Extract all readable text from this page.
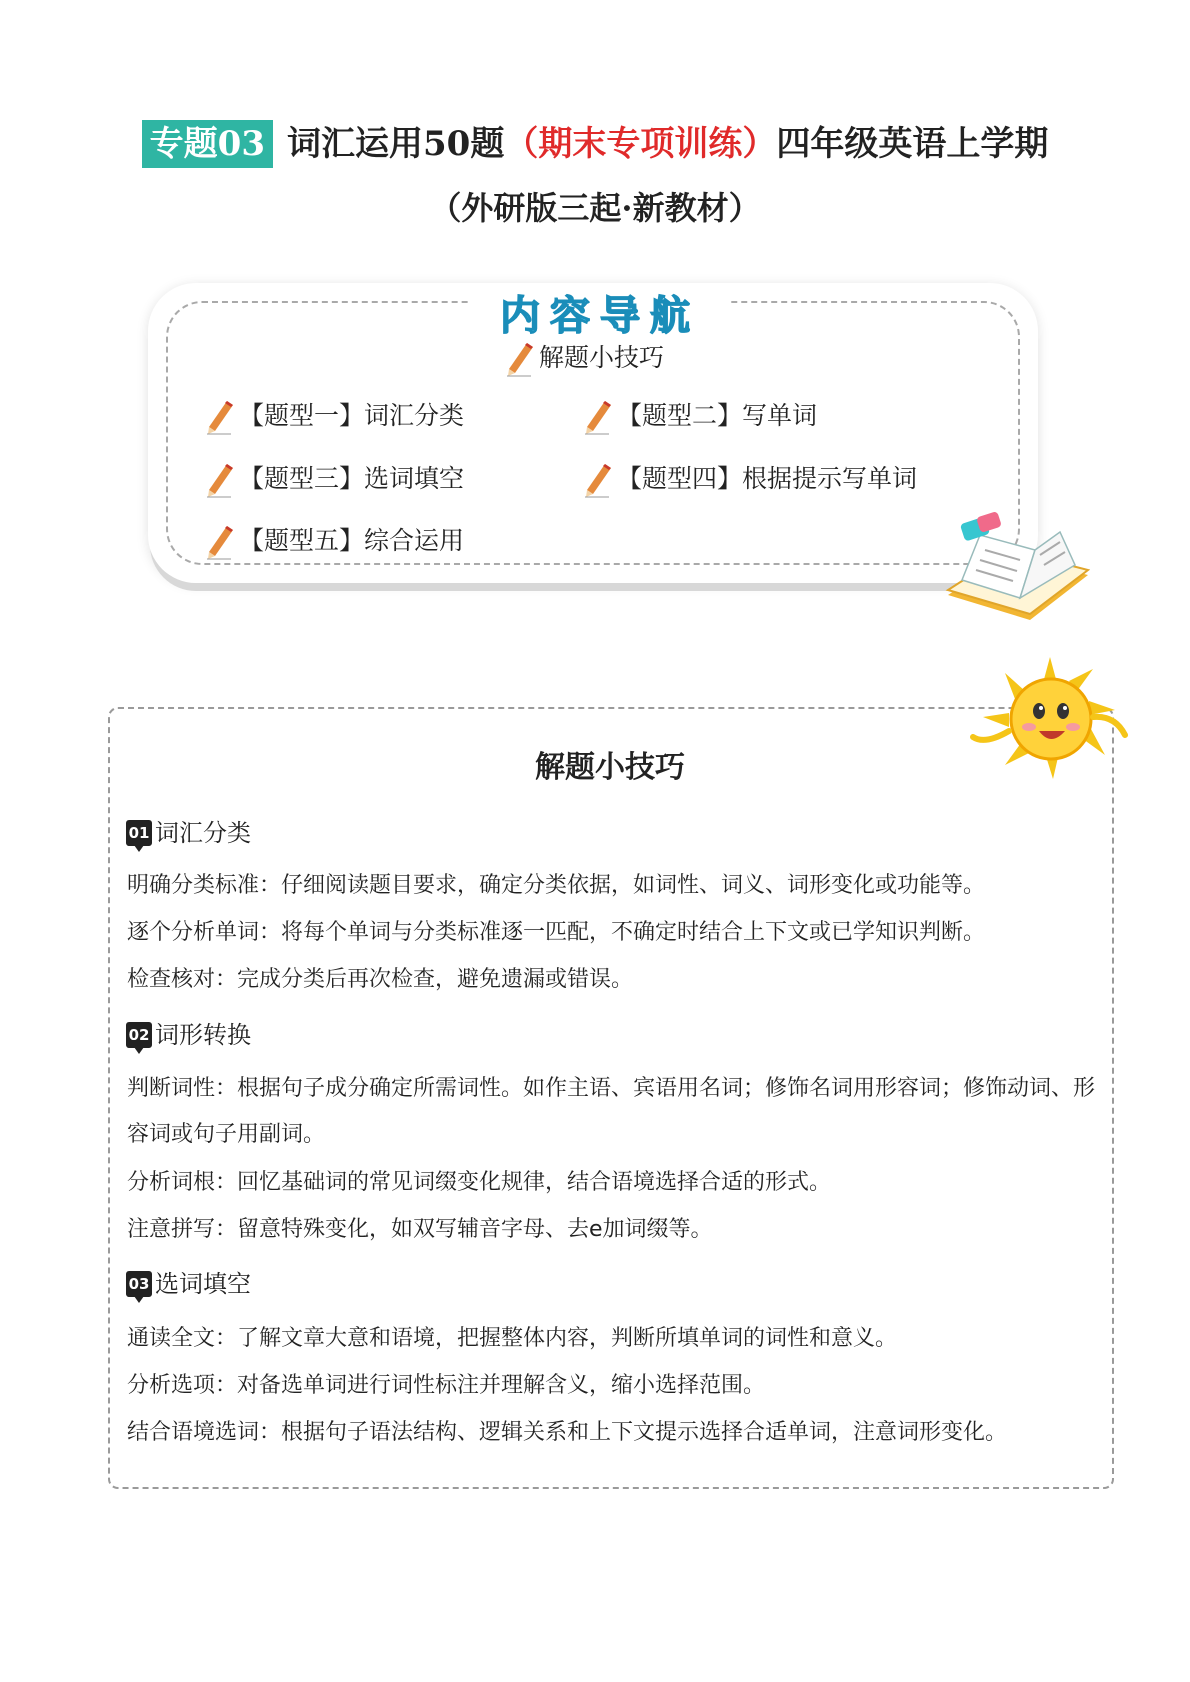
专题03 词汇运用50题（期末专项训练）四年级英语上学期
（外研版三起·新教材）
内容导航
解题小技巧
【题型一】词汇分类	【题型二】写单词
【题型三】选词填空	【题型四】根据提示写单词
【题型五】综合运用
解题小技巧
01 词汇分类
明确分类标准：仔细阅读题目要求，确定分类依据，如词性、词义、词形变化或功能等。
逐个分析单词：将每个单词与分类标准逐一匹配，不确定时结合上下文或已学知识判断。
检查核对：完成分类后再次检查，避免遗漏或错误。
02 词形转换
判断词性：根据句子成分确定所需词性。如作主语、宾语用名词；修饰名词用形容词；修饰动词、形容词或句子用副词。
分析词根：回忆基础词的常见词缀变化规律，结合语境选择合适的形式。
注意拼写：留意特殊变化，如双写辅音字母、去e加词缀等。
03 选词填空
通读全文：了解文章大意和语境，把握整体内容，判断所填单词的词性和意义。
分析选项：对备选单词进行词性标注并理解含义，缩小选择范围。
结合语境选词：根据句子语法结构、逻辑关系和上下文提示选择合适单词，注意词形变化。
